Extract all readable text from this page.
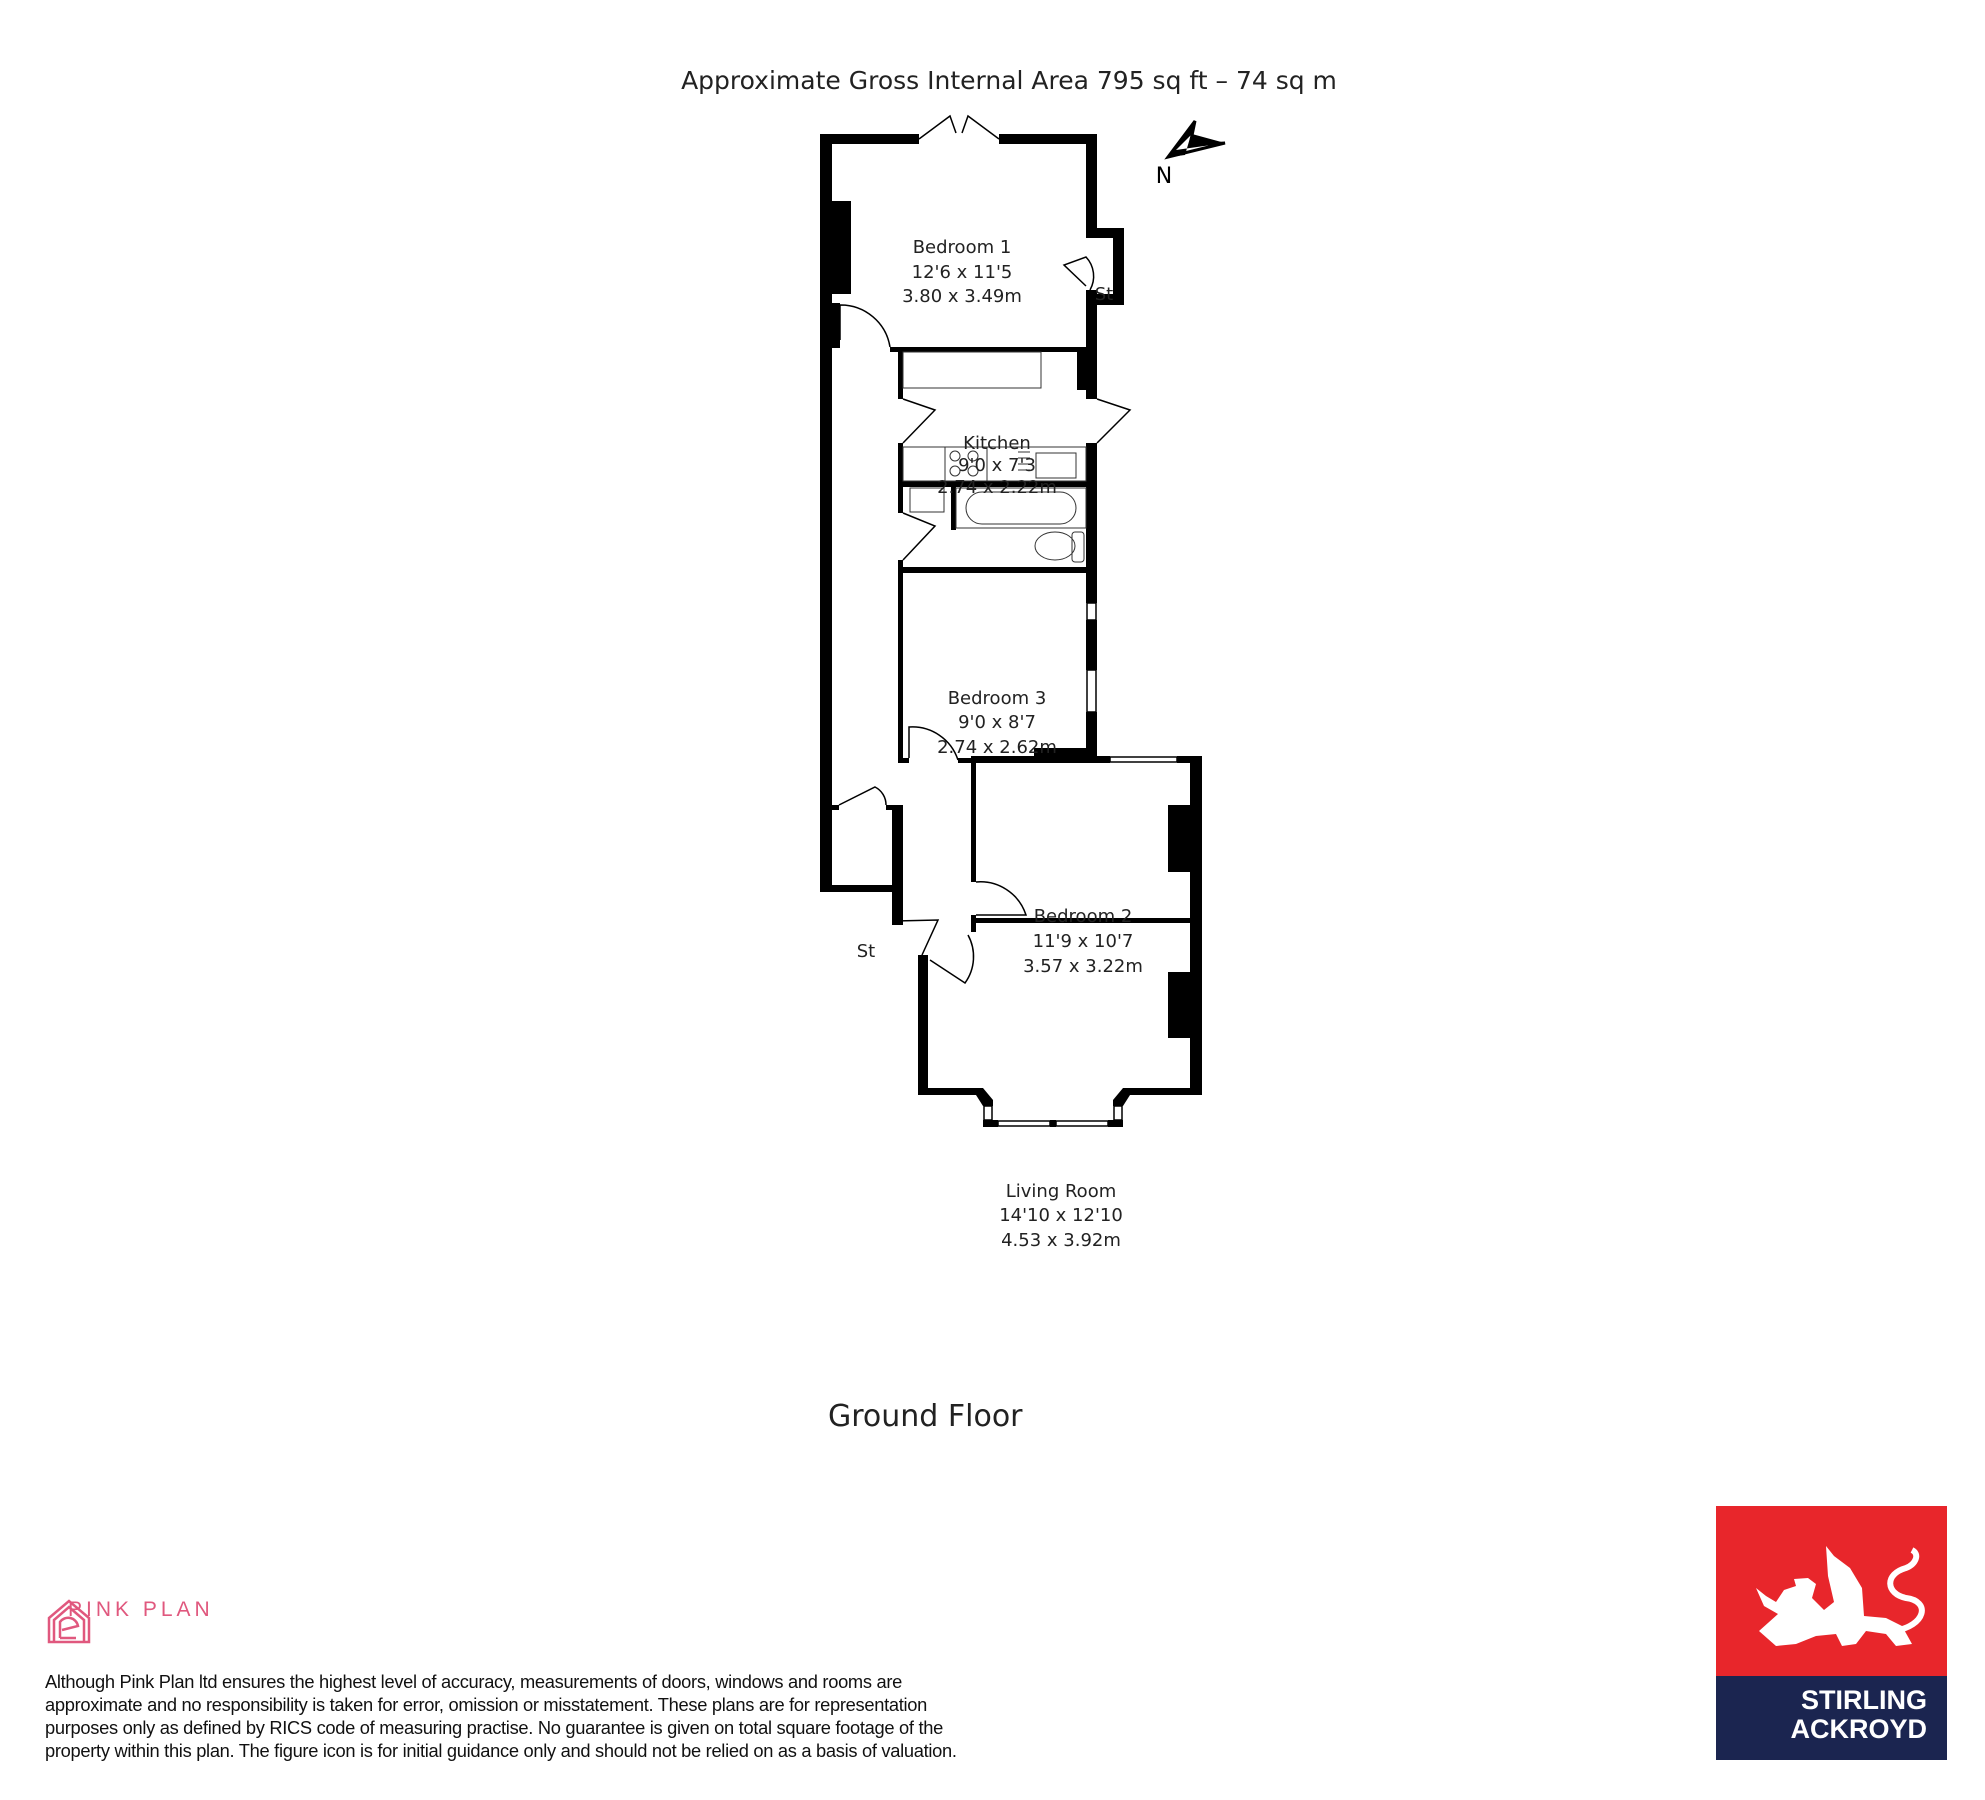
Approximate Gross Internal Area 795 sq ft – 74 sq m
N
Bedroom 1
12'6 x 11'5
3.80 x 3.49m	St
Kitchen
9'0 x 7'3
2.74 x 2.22m
Bedroom 3
9'0 x 8'7
2.74 x 2.62m
Bedroom 2
11'9 x 10'7
3.57 x 3.22m
St
Living Room
14'10 x 12'10
4.53 x 3.92m
Ground Floor
PINK PLAN
Although Pink Plan ltd ensures the highest level of accuracy, measurements of doors, windows and rooms are
approximate and no responsibility is taken for error, omission or misstatement. These plans are for representation
purposes only as defined by RICS code of measuring practise. No guarantee is given on total square footage of the
property within this plan. The figure icon is for initial guidance only and should not be relied on as a basis of valuation.
STIRLING
ACKROYD
